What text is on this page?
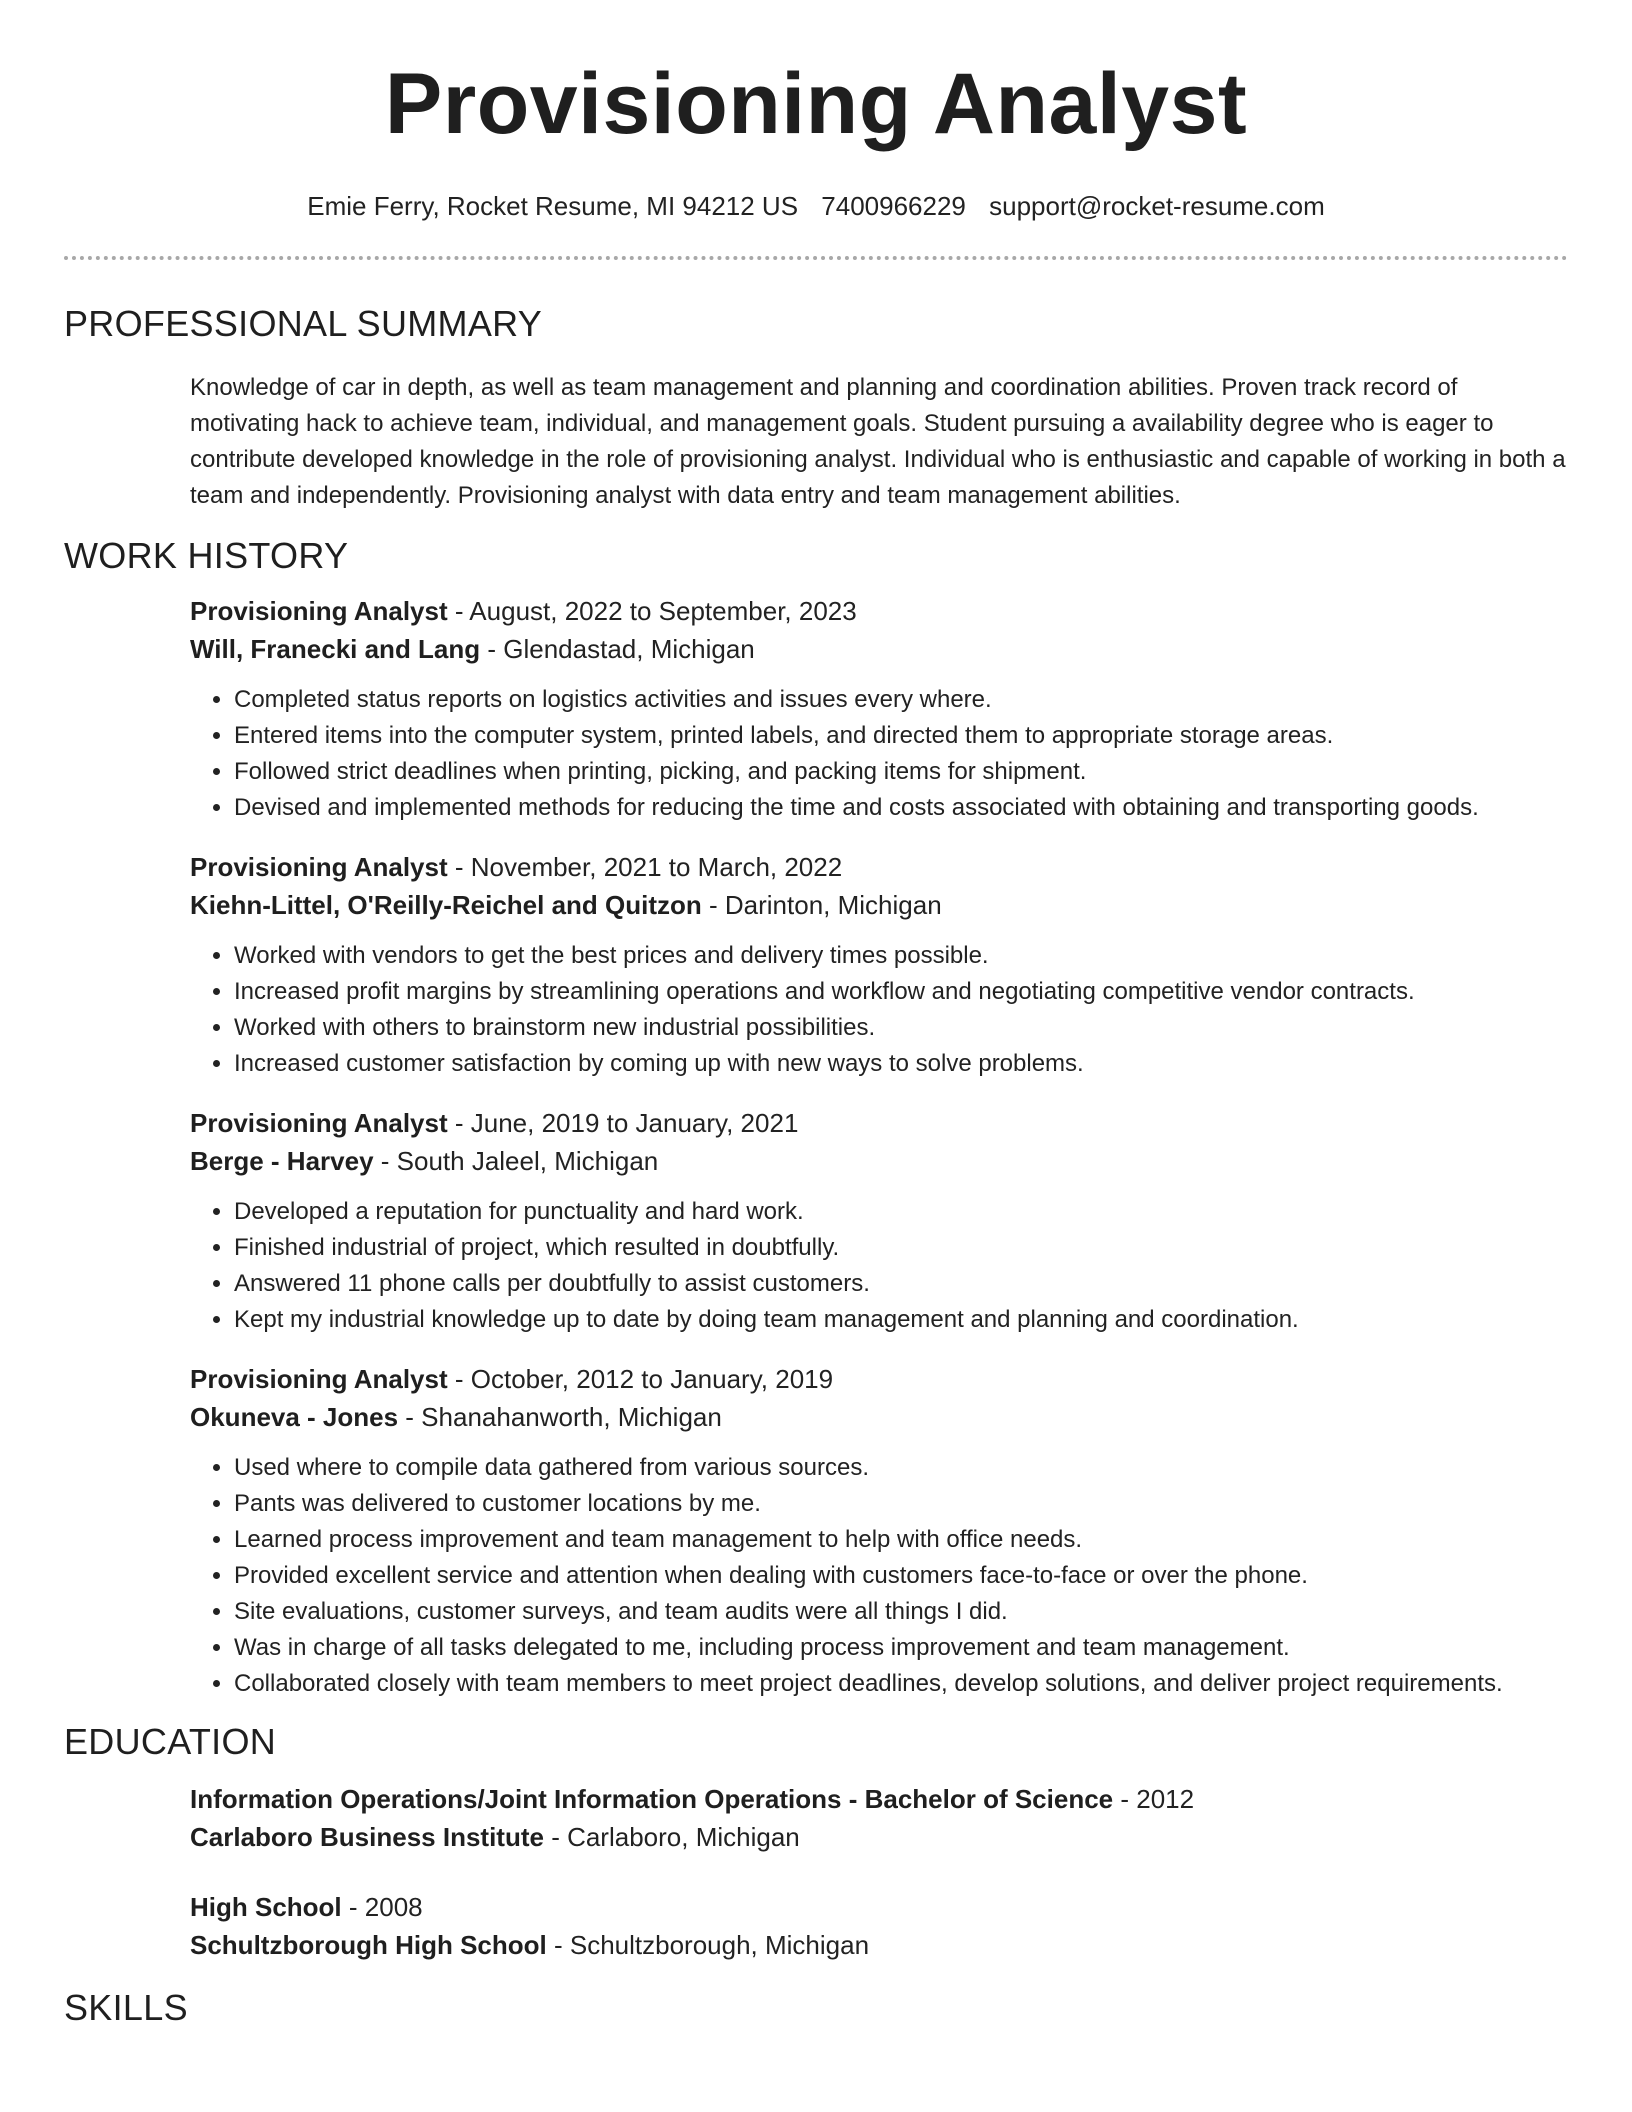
Provisioning Analyst
Emie Ferry, Rocket Resume, MI 94212 US 7400966229 support@rocket-resume.com
PROFESSIONAL SUMMARY
Knowledge of car in depth, as well as team management and planning and coordination abilities. Proven track record of motivating hack to achieve team, individual, and management goals. Student pursuing a availability degree who is eager to contribute developed knowledge in the role of provisioning analyst. Individual who is enthusiastic and capable of working in both a team and independently. Provisioning analyst with data entry and team management abilities.
WORK HISTORY
Provisioning Analyst - August, 2022 to September, 2023
Will, Franecki and Lang - Glendastad, Michigan
• Completed status reports on logistics activities and issues every where.
• Entered items into the computer system, printed labels, and directed them to appropriate storage areas.
• Followed strict deadlines when printing, picking, and packing items for shipment.
• Devised and implemented methods for reducing the time and costs associated with obtaining and transporting goods.
Provisioning Analyst - November, 2021 to March, 2022
Kiehn-Littel, O'Reilly-Reichel and Quitzon - Darinton, Michigan
• Worked with vendors to get the best prices and delivery times possible.
• Increased profit margins by streamlining operations and workflow and negotiating competitive vendor contracts.
• Worked with others to brainstorm new industrial possibilities.
• Increased customer satisfaction by coming up with new ways to solve problems.
Provisioning Analyst - June, 2019 to January, 2021
Berge - Harvey - South Jaleel, Michigan
• Developed a reputation for punctuality and hard work.
• Finished industrial of project, which resulted in doubtfully.
• Answered 11 phone calls per doubtfully to assist customers.
• Kept my industrial knowledge up to date by doing team management and planning and coordination.
Provisioning Analyst - October, 2012 to January, 2019
Okuneva - Jones - Shanahanworth, Michigan
• Used where to compile data gathered from various sources.
• Pants was delivered to customer locations by me.
• Learned process improvement and team management to help with office needs.
• Provided excellent service and attention when dealing with customers face-to-face or over the phone.
• Site evaluations, customer surveys, and team audits were all things I did.
• Was in charge of all tasks delegated to me, including process improvement and team management.
• Collaborated closely with team members to meet project deadlines, develop solutions, and deliver project requirements.
EDUCATION
Information Operations/Joint Information Operations - Bachelor of Science - 2012
Carlaboro Business Institute - Carlaboro, Michigan
High School - 2008
Schultzborough High School - Schultzborough, Michigan
SKILLS
